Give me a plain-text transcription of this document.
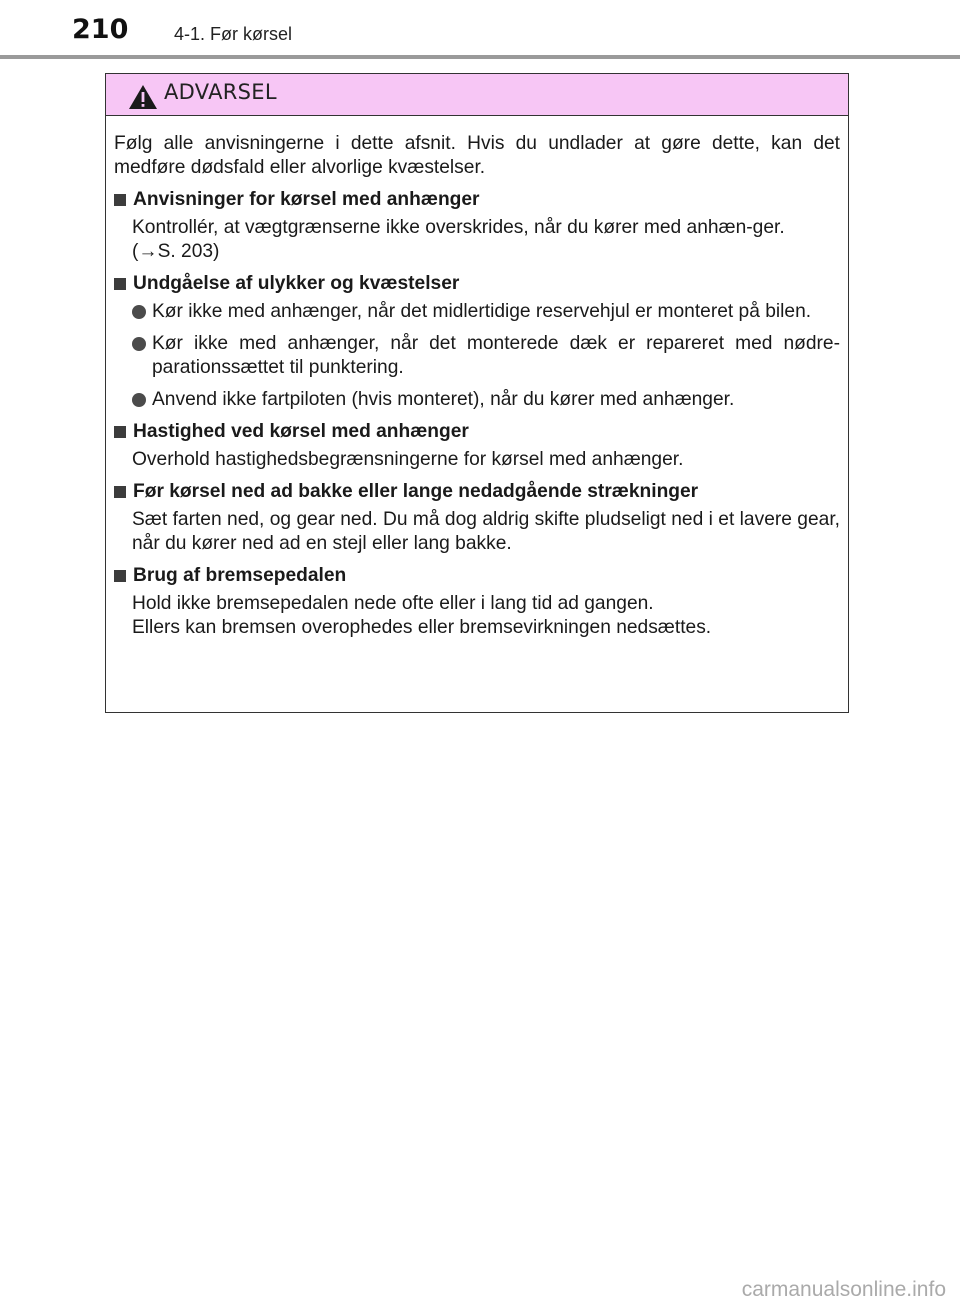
210	4-1. Før kørsel
ADVARSEL

Følg alle anvisningerne i dette afsnit. Hvis du undlader at gøre dette, kan det medføre dødsfald eller alvorlige kvæstelser.

Anvisninger for kørsel med anhænger
Kontrollér, at vægtgrænserne ikke overskrides, når du kører med anhæn-ger.
(→S. 203)
Undgåelse af ulykker og kvæstelser
Kør ikke med anhænger, når det midlertidige reservehjul er monteret på bilen.
Kør ikke med anhænger, når det monterede dæk er repareret med nødre-parationssættet til punktering.
Anvend ikke fartpiloten (hvis monteret), når du kører med anhænger.
Hastighed ved kørsel med anhænger
Overhold hastighedsbegrænsningerne for kørsel med anhænger.
Før kørsel ned ad bakke eller lange nedadgående strækninger
Sæt farten ned, og gear ned. Du må dog aldrig skifte pludseligt ned i et lavere gear, når du kører ned ad en stejl eller lang bakke.
Brug af bremsepedalen
Hold ikke bremsepedalen nede ofte eller i lang tid ad gangen.
Ellers kan bremsen overophedes eller bremsevirkningen nedsættes.
carmanualsonline.info
